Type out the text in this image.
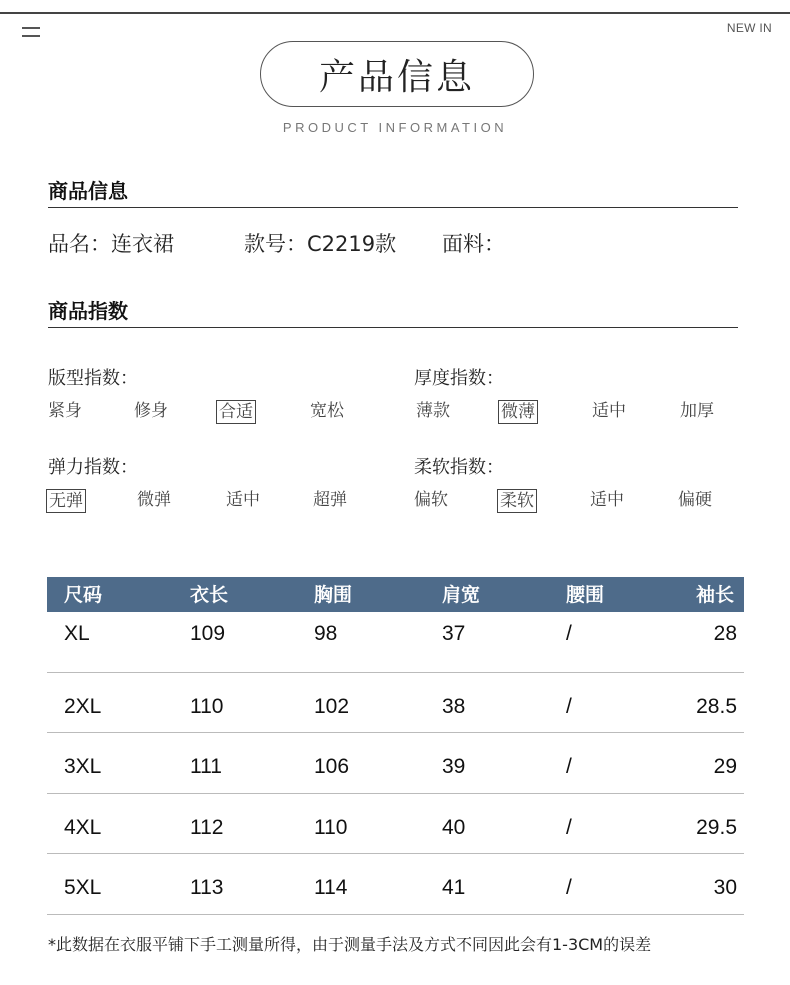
NEW IN
产品信息
PRODUCT INFORMATION
商品信息
品名：连衣裙	款号：C2219款 面料：
商品指数
版型指数：
紧身	修身	合适	宽松
厚度指数：
薄款	微薄	适中	加厚
弹力指数：
无弹	微弹	适中	超弹
柔软指数：
偏软	柔软	适中	偏硬
尺码	衣长	胸围	肩宽	腰围	袖长
XL	109	98	37	/	28
2XL	110	102	38	/	28.5
3XL	111	106	39	/	29
4XL	112	110	40	/	29.5
5XL	113	114	41	/	30
*此数据在衣服平铺下手工测量所得，由于测量手法及方式不同因此会有1-3CM的误差
